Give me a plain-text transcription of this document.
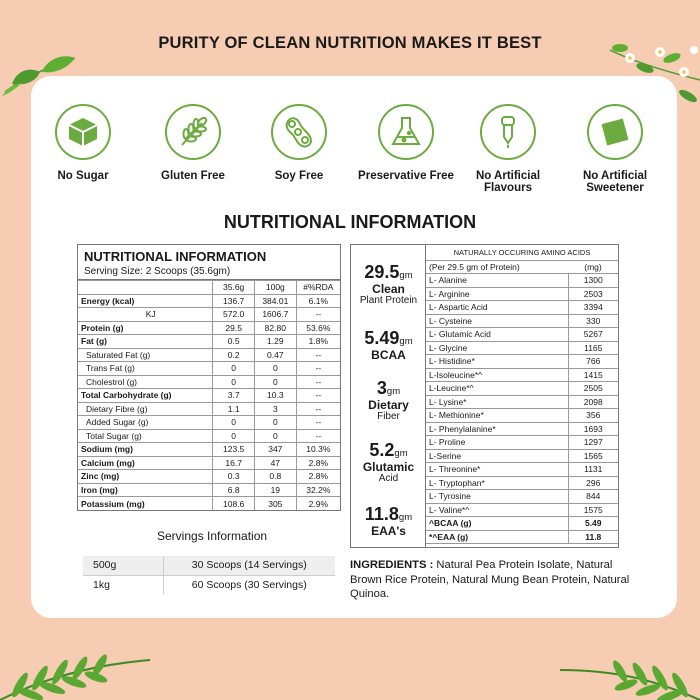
PURITY OF CLEAN NUTRITION MAKES IT BEST
No Sugar	Gluten Free	Soy Free	Preservative Free	No Artificial Flavours
No Artificial Sweetener
NUTRITIONAL INFORMATION
NUTRITIONAL INFORMATION
Serving Size: 2 Scoops (35.6gm)
	35.6g	100g	#%RDA
Energy (kcal)	136.7	384.01	6.1%
KJ	572.0	1606.7	--
Protein (g)	29.5	82.80	53.6%
Fat (g)	0.5	1.29	1.8%
Saturated Fat (g)	0.2	0.47	--
Trans Fat (g)	0	0	--
Cholestrol (g)	0	0	--
Total Carbohydrate (g)	3.7	10.3	--
Dietary Fibre (g)	1.1	3	--
Added Sugar (g)	0	0	--
Total Sugar (g)	0	0	--
Sodium (mg)	123.5	347	10.3%
Calcium (mg)	16.7	47	2.8%
Zinc (mg)	0.3	0.8	2.8%
Iron (mg)	6.8	19	32.2%
Potassium (mg)	108.6	305	2.9%
Servings Information
500g	30 Scoops (14 Servings)
1kg	60 Scoops (30 Servings)
29.5gm
Clean
Plant Protein
5.49gm
BCAA
3gm
Dietary
Fiber
5.2gm
Glutamic
Acid
11.8gm
EAA's
NATURALLY OCCURING AMINO ACIDS	
(Per 29.5 gm of Protein)	(mg)
L- Alanine	1300
L- Arginine	2503
L- Aspartic Acid	3394
L- Cysteine	330
L- Glutamic Acid	5267
L- Glycine	1165
L- Histidine*	766
L-Isoleucine*^	1415
L-Leucine*^	2505
L- Lysine*	2098
L- Methionine*	356
L- Phenylalanine*	1693
L- Proline	1297
L-Serine	1565
L- Threonine*	1131
L- Tryptophan*	296
L- Tyrosine	844
L- Valine*^	1575
^BCAA (g)	5.49
*^EAA (g)	11.8
INGREDIENTS : Natural Pea Protein Isolate, Natural Brown Rice Protein, Natural Mung Bean Protein, Natural Quinoa.
